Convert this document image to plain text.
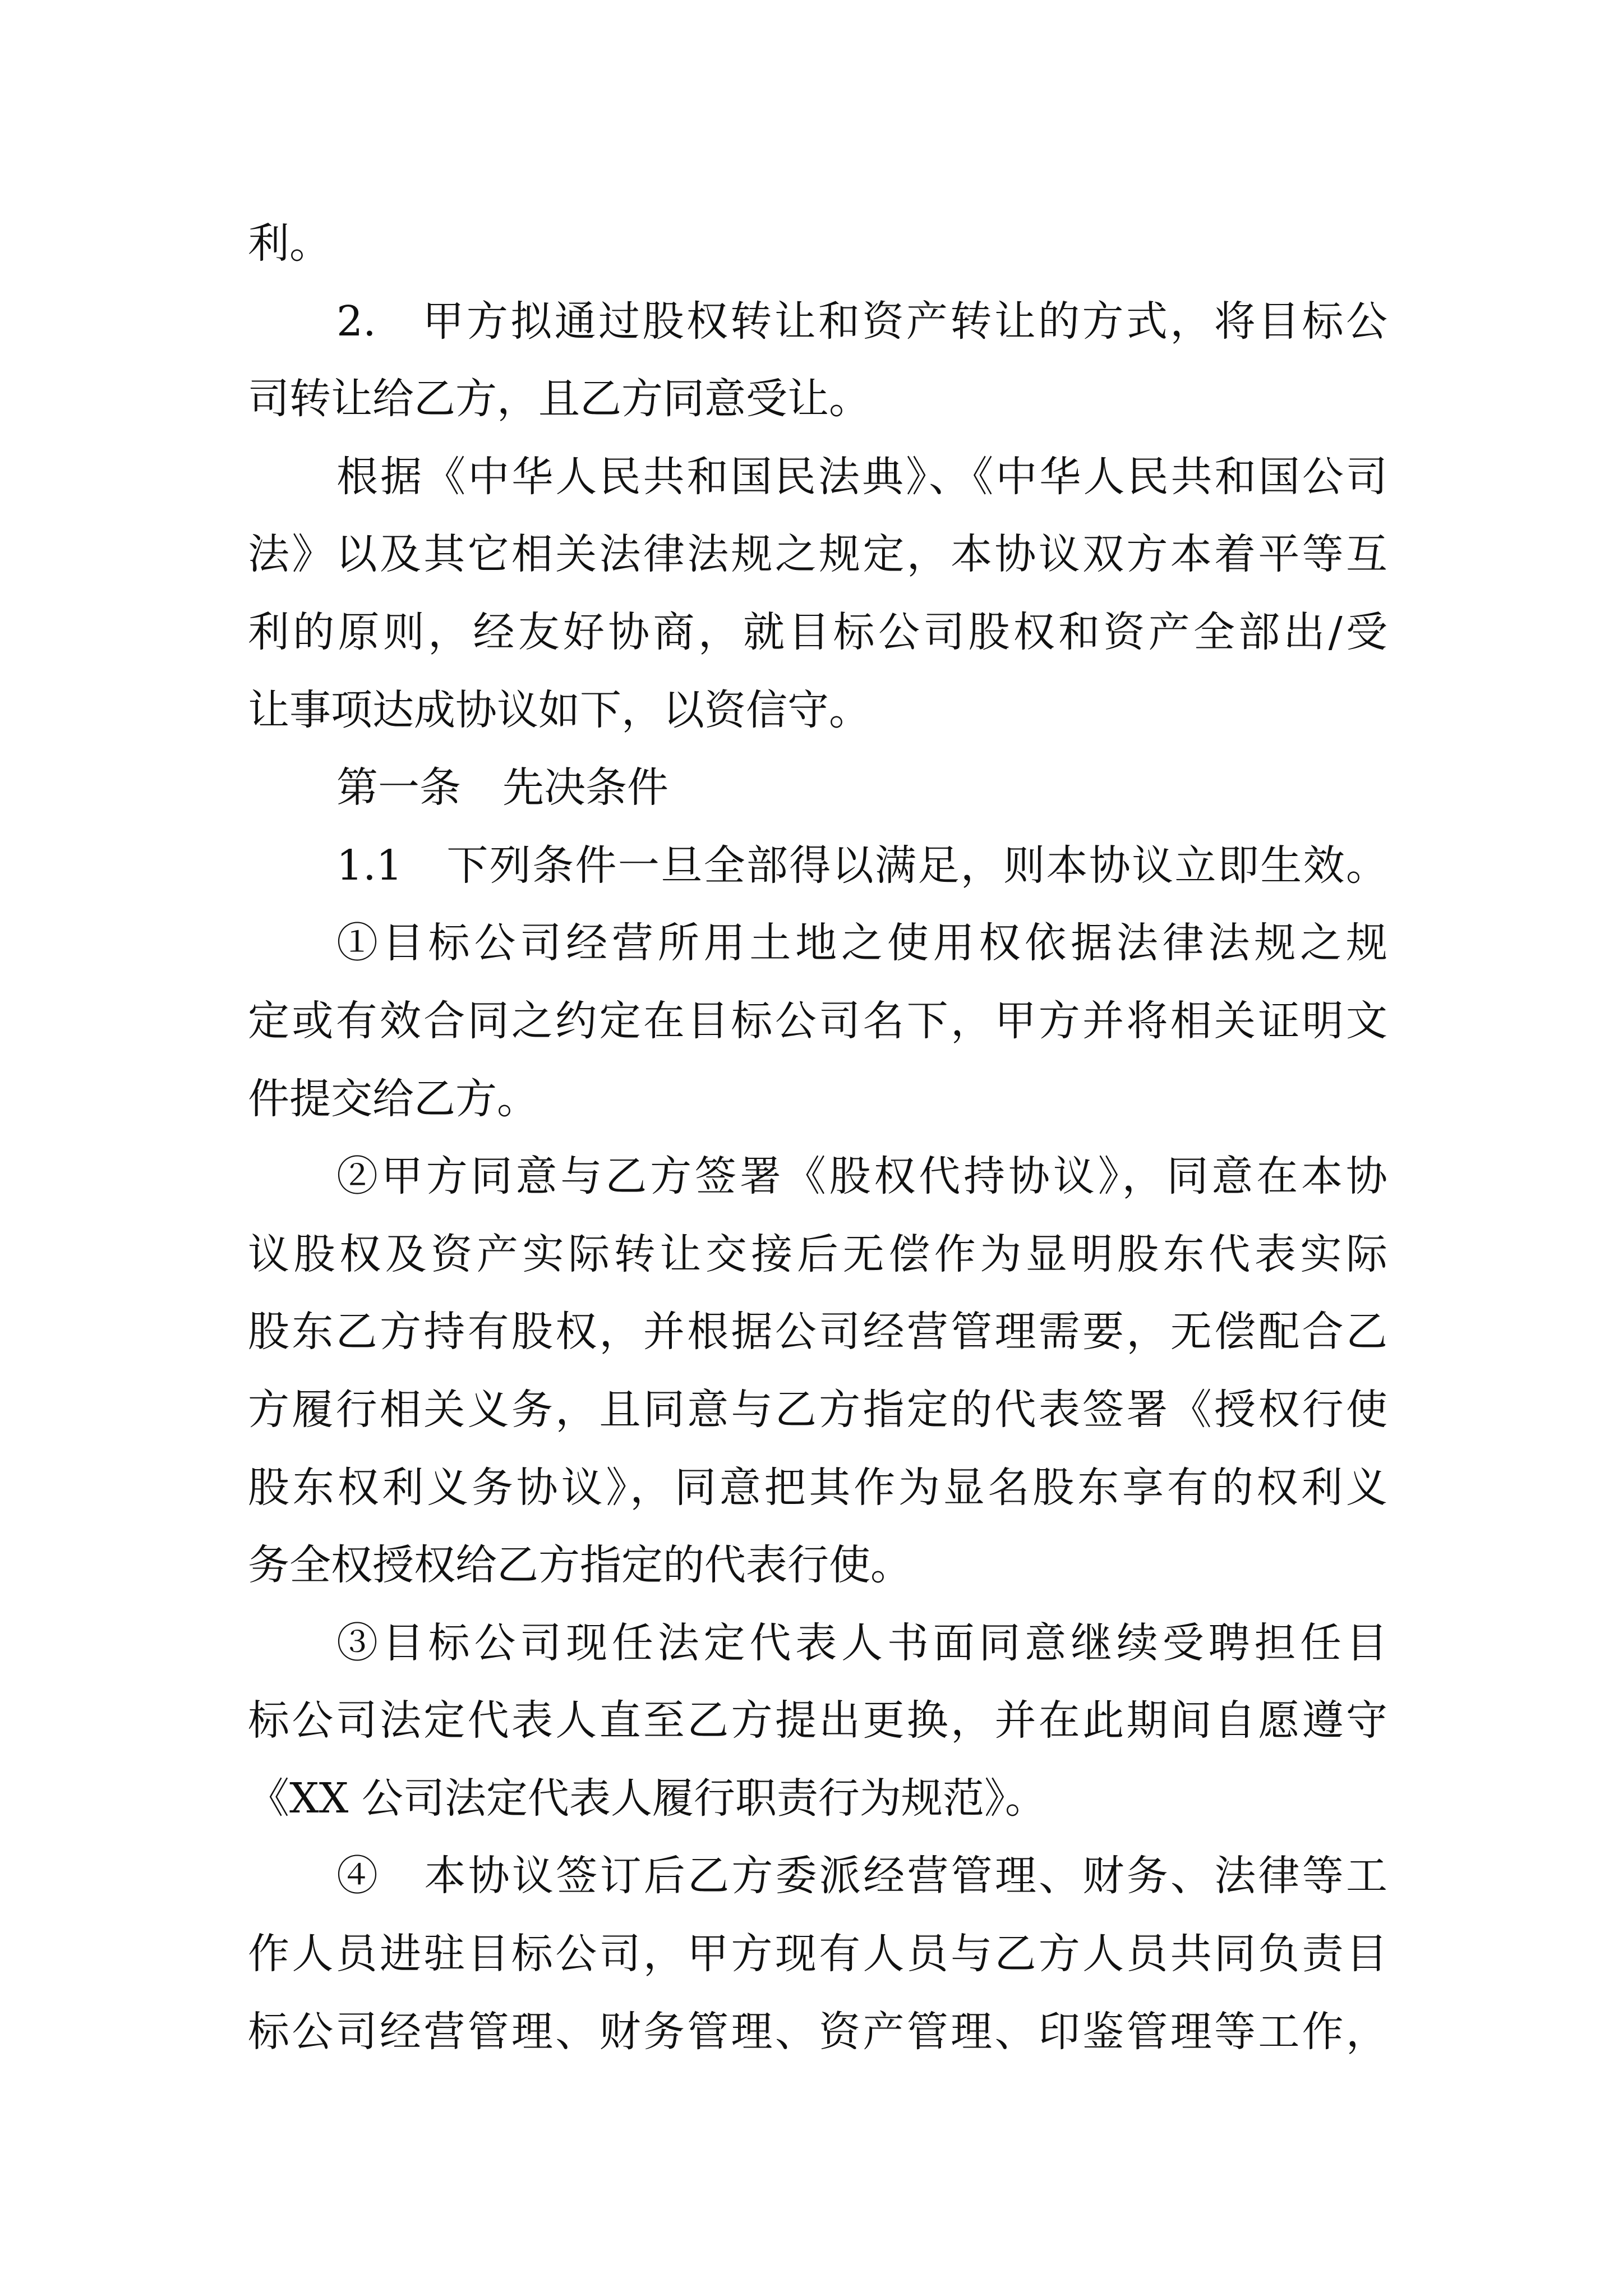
利。
2.　甲方拟通过股权转让和资产转让的方式，将目标公
司转让给乙方，且乙方同意受让。
根据《中华人民共和国民法典》、《中华人民共和国公司
法》以及其它相关法律法规之规定，本协议双方本着平等互
利的原则，经友好协商，就目标公司股权和资产全部出/受
让事项达成协议如下，以资信守。
第一条　先决条件
1.1　下列条件一旦全部得以满足，则本协议立即生效。
①目标公司经营所用土地之使用权依据法律法规之规
定或有效合同之约定在目标公司名下，甲方并将相关证明文
件提交给乙方。
②甲方同意与乙方签署《股权代持协议》，同意在本协
议股权及资产实际转让交接后无偿作为显明股东代表实际
股东乙方持有股权，并根据公司经营管理需要，无偿配合乙
方履行相关义务，且同意与乙方指定的代表签署《授权行使
股东权利义务协议》，同意把其作为显名股东享有的权利义
务全权授权给乙方指定的代表行使。
③目标公司现任法定代表人书面同意继续受聘担任目
标公司法定代表人直至乙方提出更换，并在此期间自愿遵守
《XX 公司法定代表人履行职责行为规范》。
④　本协议签订后乙方委派经营管理、财务、法律等工
作人员进驻目标公司，甲方现有人员与乙方人员共同负责目
标公司经营管理、财务管理、资产管理、印鉴管理等工作，
